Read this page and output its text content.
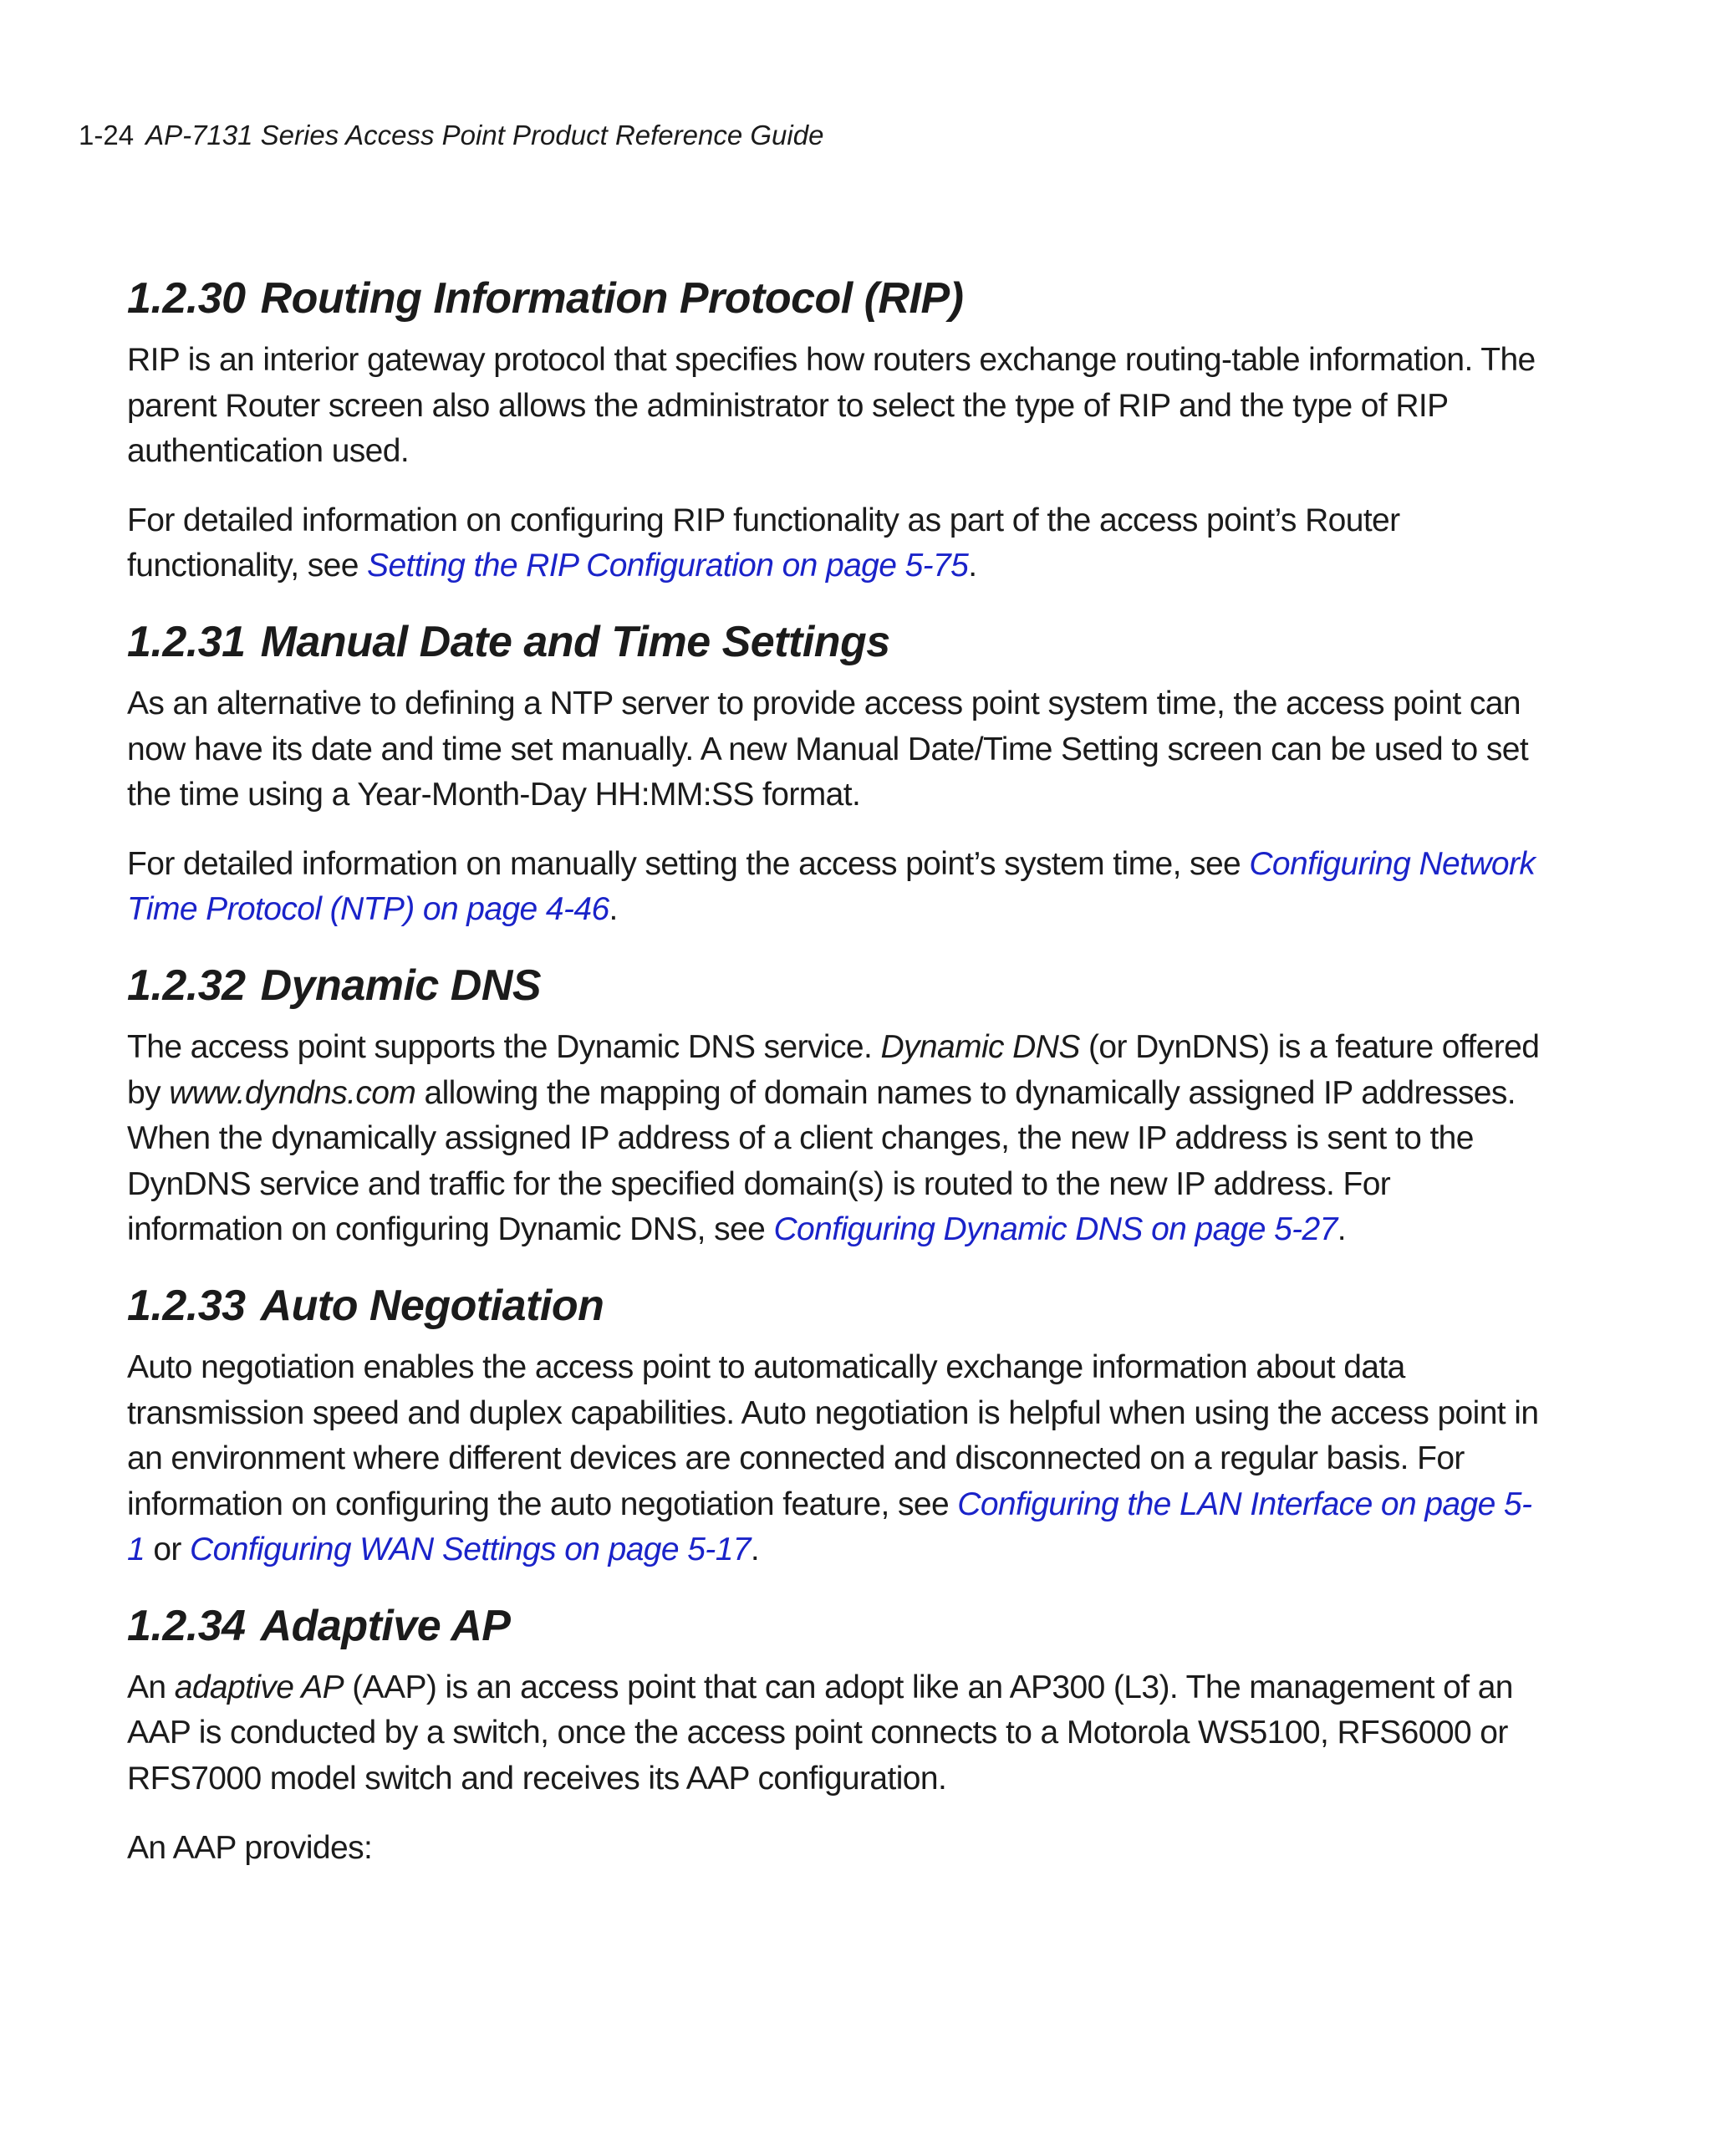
1-24 AP-7131 Series Access Point Product Reference Guide
1.2.30 Routing Information Protocol (RIP)

RIP is an interior gateway protocol that specifies how routers exchange routing-table information. The parent Router screen also allows the administrator to select the type of RIP and the type of RIP authentication used.

For detailed information on configuring RIP functionality as part of the access point’s Router functionality, see Setting the RIP Configuration on page 5-75.

1.2.31 Manual Date and Time Settings

As an alternative to defining a NTP server to provide access point system time, the access point can now have its date and time set manually. A new Manual Date/Time Setting screen can be used to set the time using a Year-Month-Day HH:MM:SS format.

For detailed information on manually setting the access point’s system time, see Configuring Network Time Protocol (NTP) on page 4-46.

1.2.32 Dynamic DNS

The access point supports the Dynamic DNS service. Dynamic DNS (or DynDNS) is a feature offered by www.dyndns.com allowing the mapping of domain names to dynamically assigned IP addresses. When the dynamically assigned IP address of a client changes, the new IP address is sent to the DynDNS service and traffic for the specified domain(s) is routed to the new IP address. For information on configuring Dynamic DNS, see Configuring Dynamic DNS on page 5-27.

1.2.33 Auto Negotiation

Auto negotiation enables the access point to automatically exchange information about data transmission speed and duplex capabilities. Auto negotiation is helpful when using the access point in an environment where different devices are connected and disconnected on a regular basis. For information on configuring the auto negotiation feature, see Configuring the LAN Interface on page 5-1 or Configuring WAN Settings on page 5-17.

1.2.34 Adaptive AP

An adaptive AP (AAP) is an access point that can adopt like an AP300 (L3). The management of an AAP is conducted by a switch, once the access point connects to a Motorola WS5100, RFS6000 or RFS7000 model switch and receives its AAP configuration.

An AAP provides:
